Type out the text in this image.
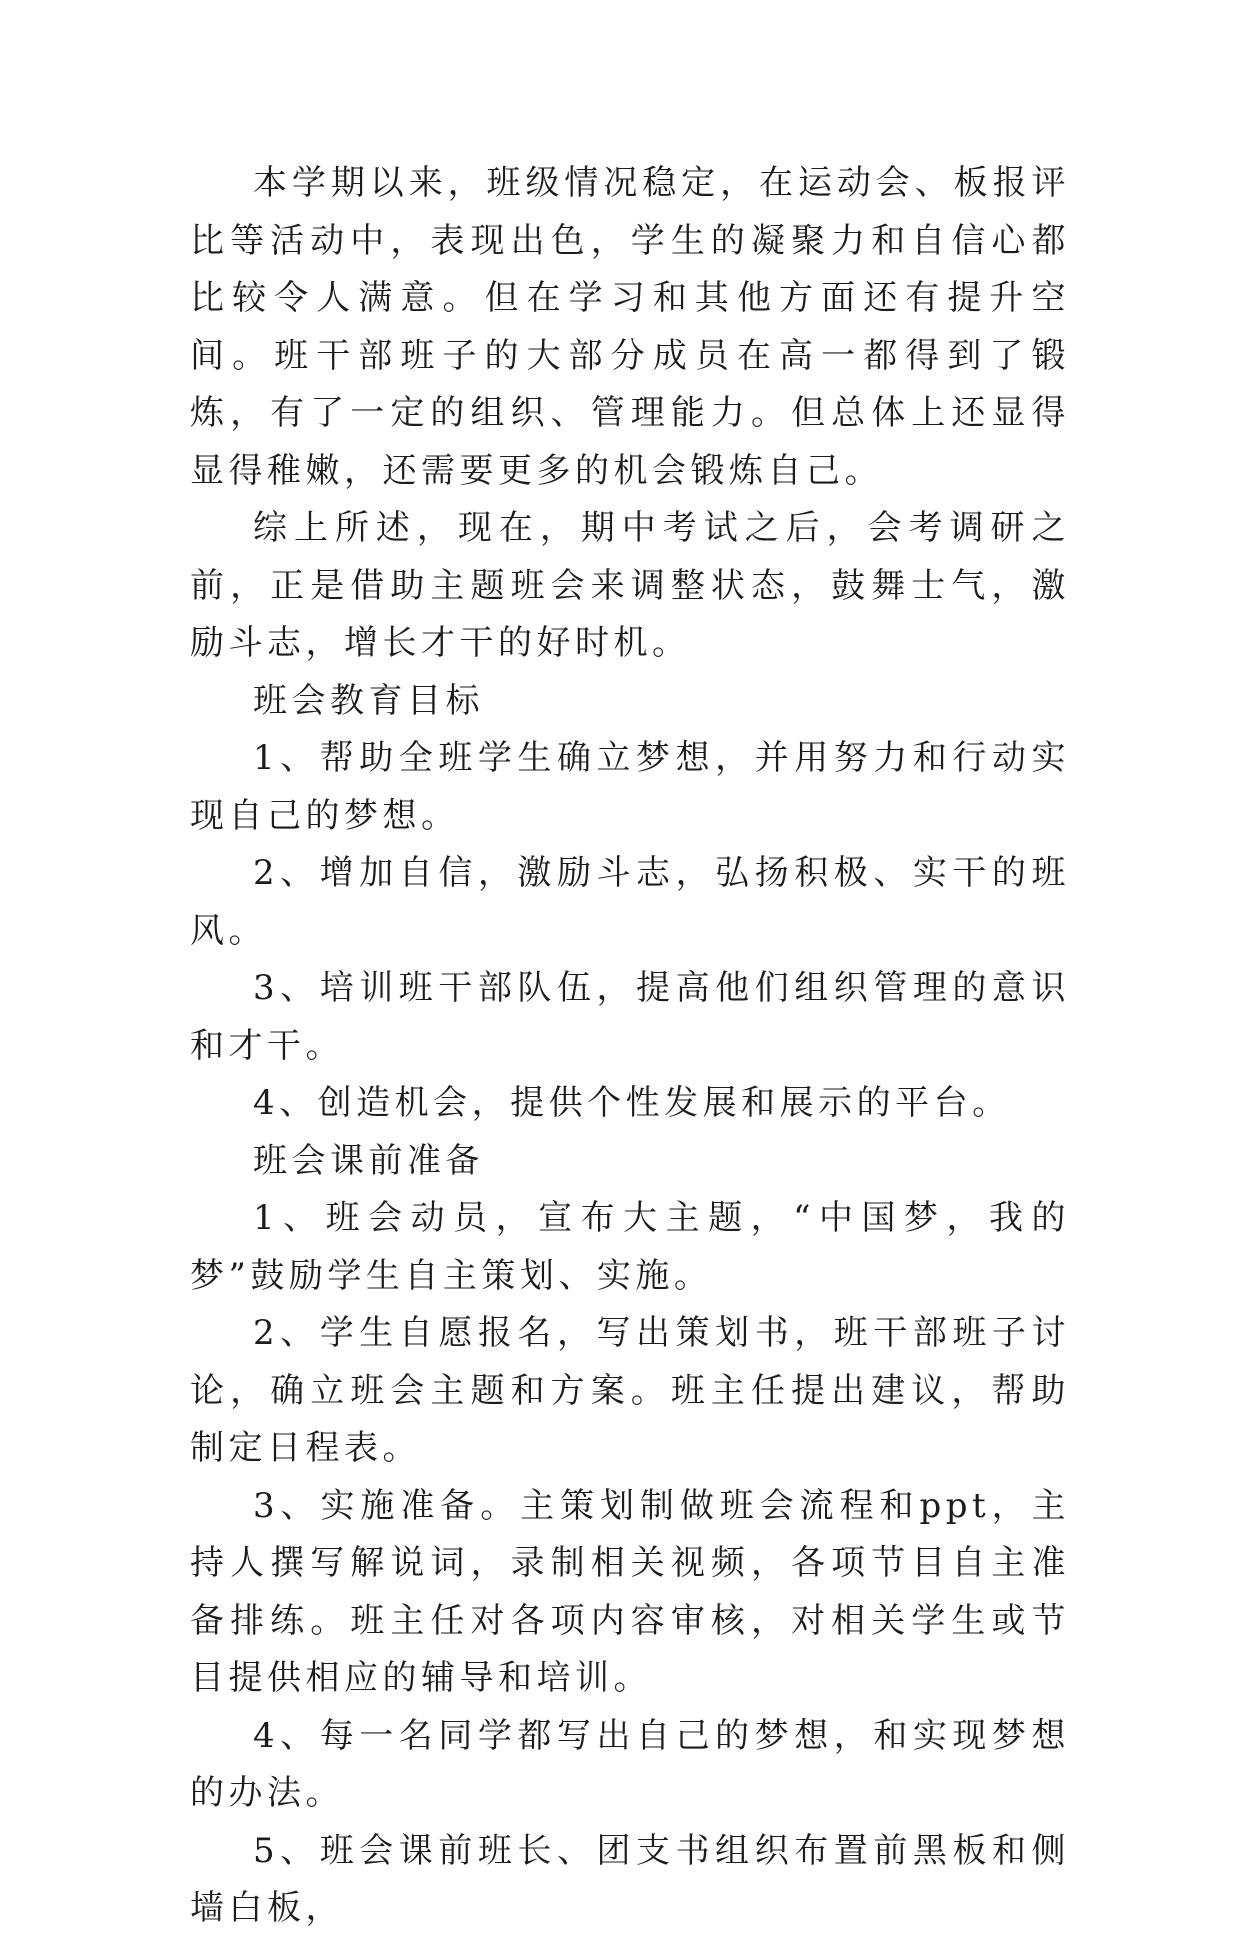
本学期以来，班级情况稳定，在运动会、板报评比等活动中，表现出色，学生的凝聚力和自信心都比较令人满意。但在学习和其他方面还有提升空间。班干部班子的大部分成员在高一都得到了锻炼，有了一定的组织、管理能力。但总体上还显得显得稚嫩，还需要更多的机会锻炼自己。

综上所述，现在，期中考试之后，会考调研之前，正是借助主题班会来调整状态，鼓舞士气，激励斗志，增长才干的好时机。

班会教育目标

1、帮助全班学生确立梦想，并用努力和行动实现自己的梦想。

2、增加自信，激励斗志，弘扬积极、实干的班风。

3、培训班干部队伍，提高他们组织管理的意识和才干。

4、创造机会，提供个性发展和展示的平台。

班会课前准备

1、班会动员，宣布大主题，“中国梦，我的梦”鼓励学生自主策划、实施。

2、学生自愿报名，写出策划书，班干部班子讨论，确立班会主题和方案。班主任提出建议，帮助制定日程表。

3、实施准备。主策划制做班会流程和ppt，主持人撰写解说词，录制相关视频，各项节目自主准备排练。班主任对各项内容审核，对相关学生或节目提供相应的辅导和培训。

4、每一名同学都写出自己的梦想，和实现梦想的办法。

5、班会课前班长、团支书组织布置前黑板和侧墙白板，
